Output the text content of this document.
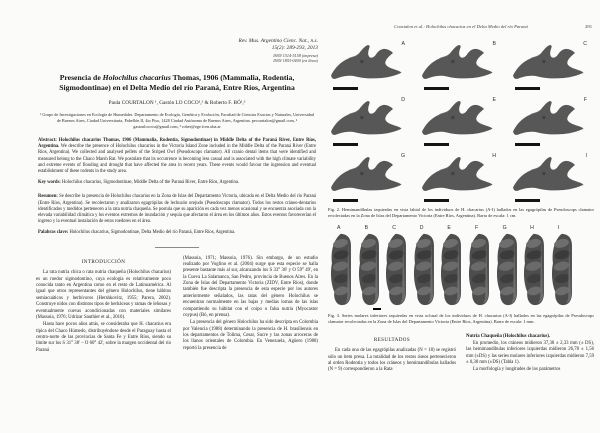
Rev. Mus. Argentino Cienc. Nat., n.s.
15(2): 289-293, 2013
ISSN 1514-5158 (impresa)
ISSN 1853-0400 (en línea)
Presencia de Holochilus chacarius Thomas, 1906 (Mammalia, Rodentia, Sigmodontinae) en el Delta Medio del río Paraná, Entre Ríos, Argentina
Paula COURTALON ¹, Gastón LO COCO¹,² & Roberto F. BÓ¹,³
¹ Grupo de Investigaciones en Ecología de Humedales. Departamento de Ecología, Genética y Evolución, Facultad de Ciencias Exactas y Naturales, Universidad de Buenos Aires, Ciudad Universitaria, Pabellón II, 4to Piso, 1428 Ciudad Autónoma de Buenos Aires, Argentina. pecourtalon@gmail.com, ² gastonlococu@gmail.com, ³ rober@ege.fcen.uba.ar

Abstract: Holochilus chacarius Thomas, 1906 (Mammalia, Rodentia, Sigmodontinae) in Middle Delta of the Paraná River, Entre Ríos, Argentina. We describe the presence of Holochilus chacarius in the Victoria Island Zone included in the Middle Delta of the Paraná River (Entre Ríos, Argentina). We collected and analysed pellets of the Striped Owl (Pseudoscops clamator). All cranio dental items that were identified and measured belong to the Chaco Marsh Rat. We postulate that its occurrence is becoming less casual and is associated with the high climate variability and extreme events of flooding and drought that have affected the area in recent years. These events would favour the ingression and eventual establishment of these rodents in the study area.

Key words: Holochilus chacarius, Sigmodontinae, Middle Delta of the Paraná River, Entre Ríos, Argentina.

Resumen: Se describe la presencia de Holochilus chacarius en la Zona de Islas del Departamento Victoria, ubicada en el Delta Medio del río Paraná (Entre Ríos, Argentina). Se recolectaron y analizaron egagrópilas de lechuzón orejudo (Pseudoscops clamator). Todos los restos cráneo-dentarios identificados y medidos pertenecen a la rata nutria chaqueña. Se postula que su aparición es cada vez menos ocasional y se encuentra asociada con la elevada variabilidad climática y los eventos extremos de inundación y sequía que afectaron el área en los últimos años. Estos eventos favorecerían el ingreso y la eventual instalación de estos roedores en el área.

Palabras clave: Holochilus chacarius, Sigmodontinae, Delta Medio del río Paraná, Entre Ríos, Argentina.

INTRODUCCIÓN

La rata nutria chica o rata nutria chaqueña (Holochilus chacarius) es un roedor sigmodontino, cuya ecología es relativamente poco conocida tanto en Argentina como en el resto de Latinoamérica. Al igual que otros representantes del género Holochilus, tiene hábitos semiacuáticos y herbívoros (Hershkovitz, 1955; Parera, 2002). Construye nidos con distintos tipos de herbáceas y ramas de leñosas y eventualmente cuevas acondicionadas con materiales similares (Massoia, 1976; Udrizar Sauthier et al., 2010).

Hasta hace pocos años atrás, se consideraba que H. chacarius era típica del Chaco Húmedo, distribuyéndose desde el Paraguay hasta el centro-norte de las provincias de Santa Fe y Entre Ríos, siendo su límite sur los S 31° 38' – O 60° 42', sobre la margen occidental del río Paraná

(Massoia, 1971; Massoia, 1976). Sin embargo, de un estudio realizado por Voglino et al. (2004) surge que esta especie se halla presente bastante más al sur, alcanzando los S 33° 36' y O 59° 49', en la Cueva La Salamanca, San Pedro, provincia de Buenos Aires. En la Zona de Islas del Departamento Victoria (ZIDV, Entre Ríos), donde también fue descripta la presencia de esta especie por los autores anteriormente señalados, las ratas del género Holochilus se encuentran normalmente en las bajas y medias lomas de las islas compartiendo su hábitat con el coipo o falsa nutria (Myocastor coypus) (Bó, en prensa).

La presencia del género Holochilus ha sido descripta en Colombia por Valencia (1988) determinando la presencia de H. brasiliensis en los departamentos de Tolima, Cesar, Sucre y las zonas arroceras de los llanos orientales de Colombia. En Venezuela, Agüero (1988) reportó la presencia de

Courtalon et al.: Holochilus chacarius en el Delta Medio del río Paraná	291
A	B	C
D	E	F
G	H	I

Fig. 2. Hemimandíbulas izquierdas en vista labial de los individuos de H. chacarius (A-I) hallados en las egagrópilas de Pseudoscops clamator recolectadas en la Zona de Islas del Departamento Victoria (Entre Ríos, Argentina). Barra de escala: 1 cm.

A	B	C	D	E	F	G	H	I

Fig. 3. Series molares inferiores izquierdas en vista oclusal de los individuos de H. chacarius (A-I) hallados en las egagrópilas de Pseudoscops clamator recolectadas en la Zona de Islas del Departamento Victoria (Entre Ríos, Argentina). Barra de escala: 1 mm.

RESULTADOS

En cada una de las egagrópilas analizadas (N = 18) se registró sólo un ítem presa. La totalidad de los restos óseos pertenecieron al orden Rodentia y todos los cráneos y hemimandíbulas hallados (N = 9) correspondieron a la Rata

Nutria Chaqueña (Holochilus chacarius).

En promedio, los cráneos midieron 37,38 ± 2,33 mm (± DS), las hemimandíbulas inferiores izquierdas midieron 26,78 ± 1,56 mm (±DS) y las series molares inferiores izquierdas midieron 7,59 ± 0,30 mm (±DS) (Tabla 1).

La morfología y longitudes de los parámetros
